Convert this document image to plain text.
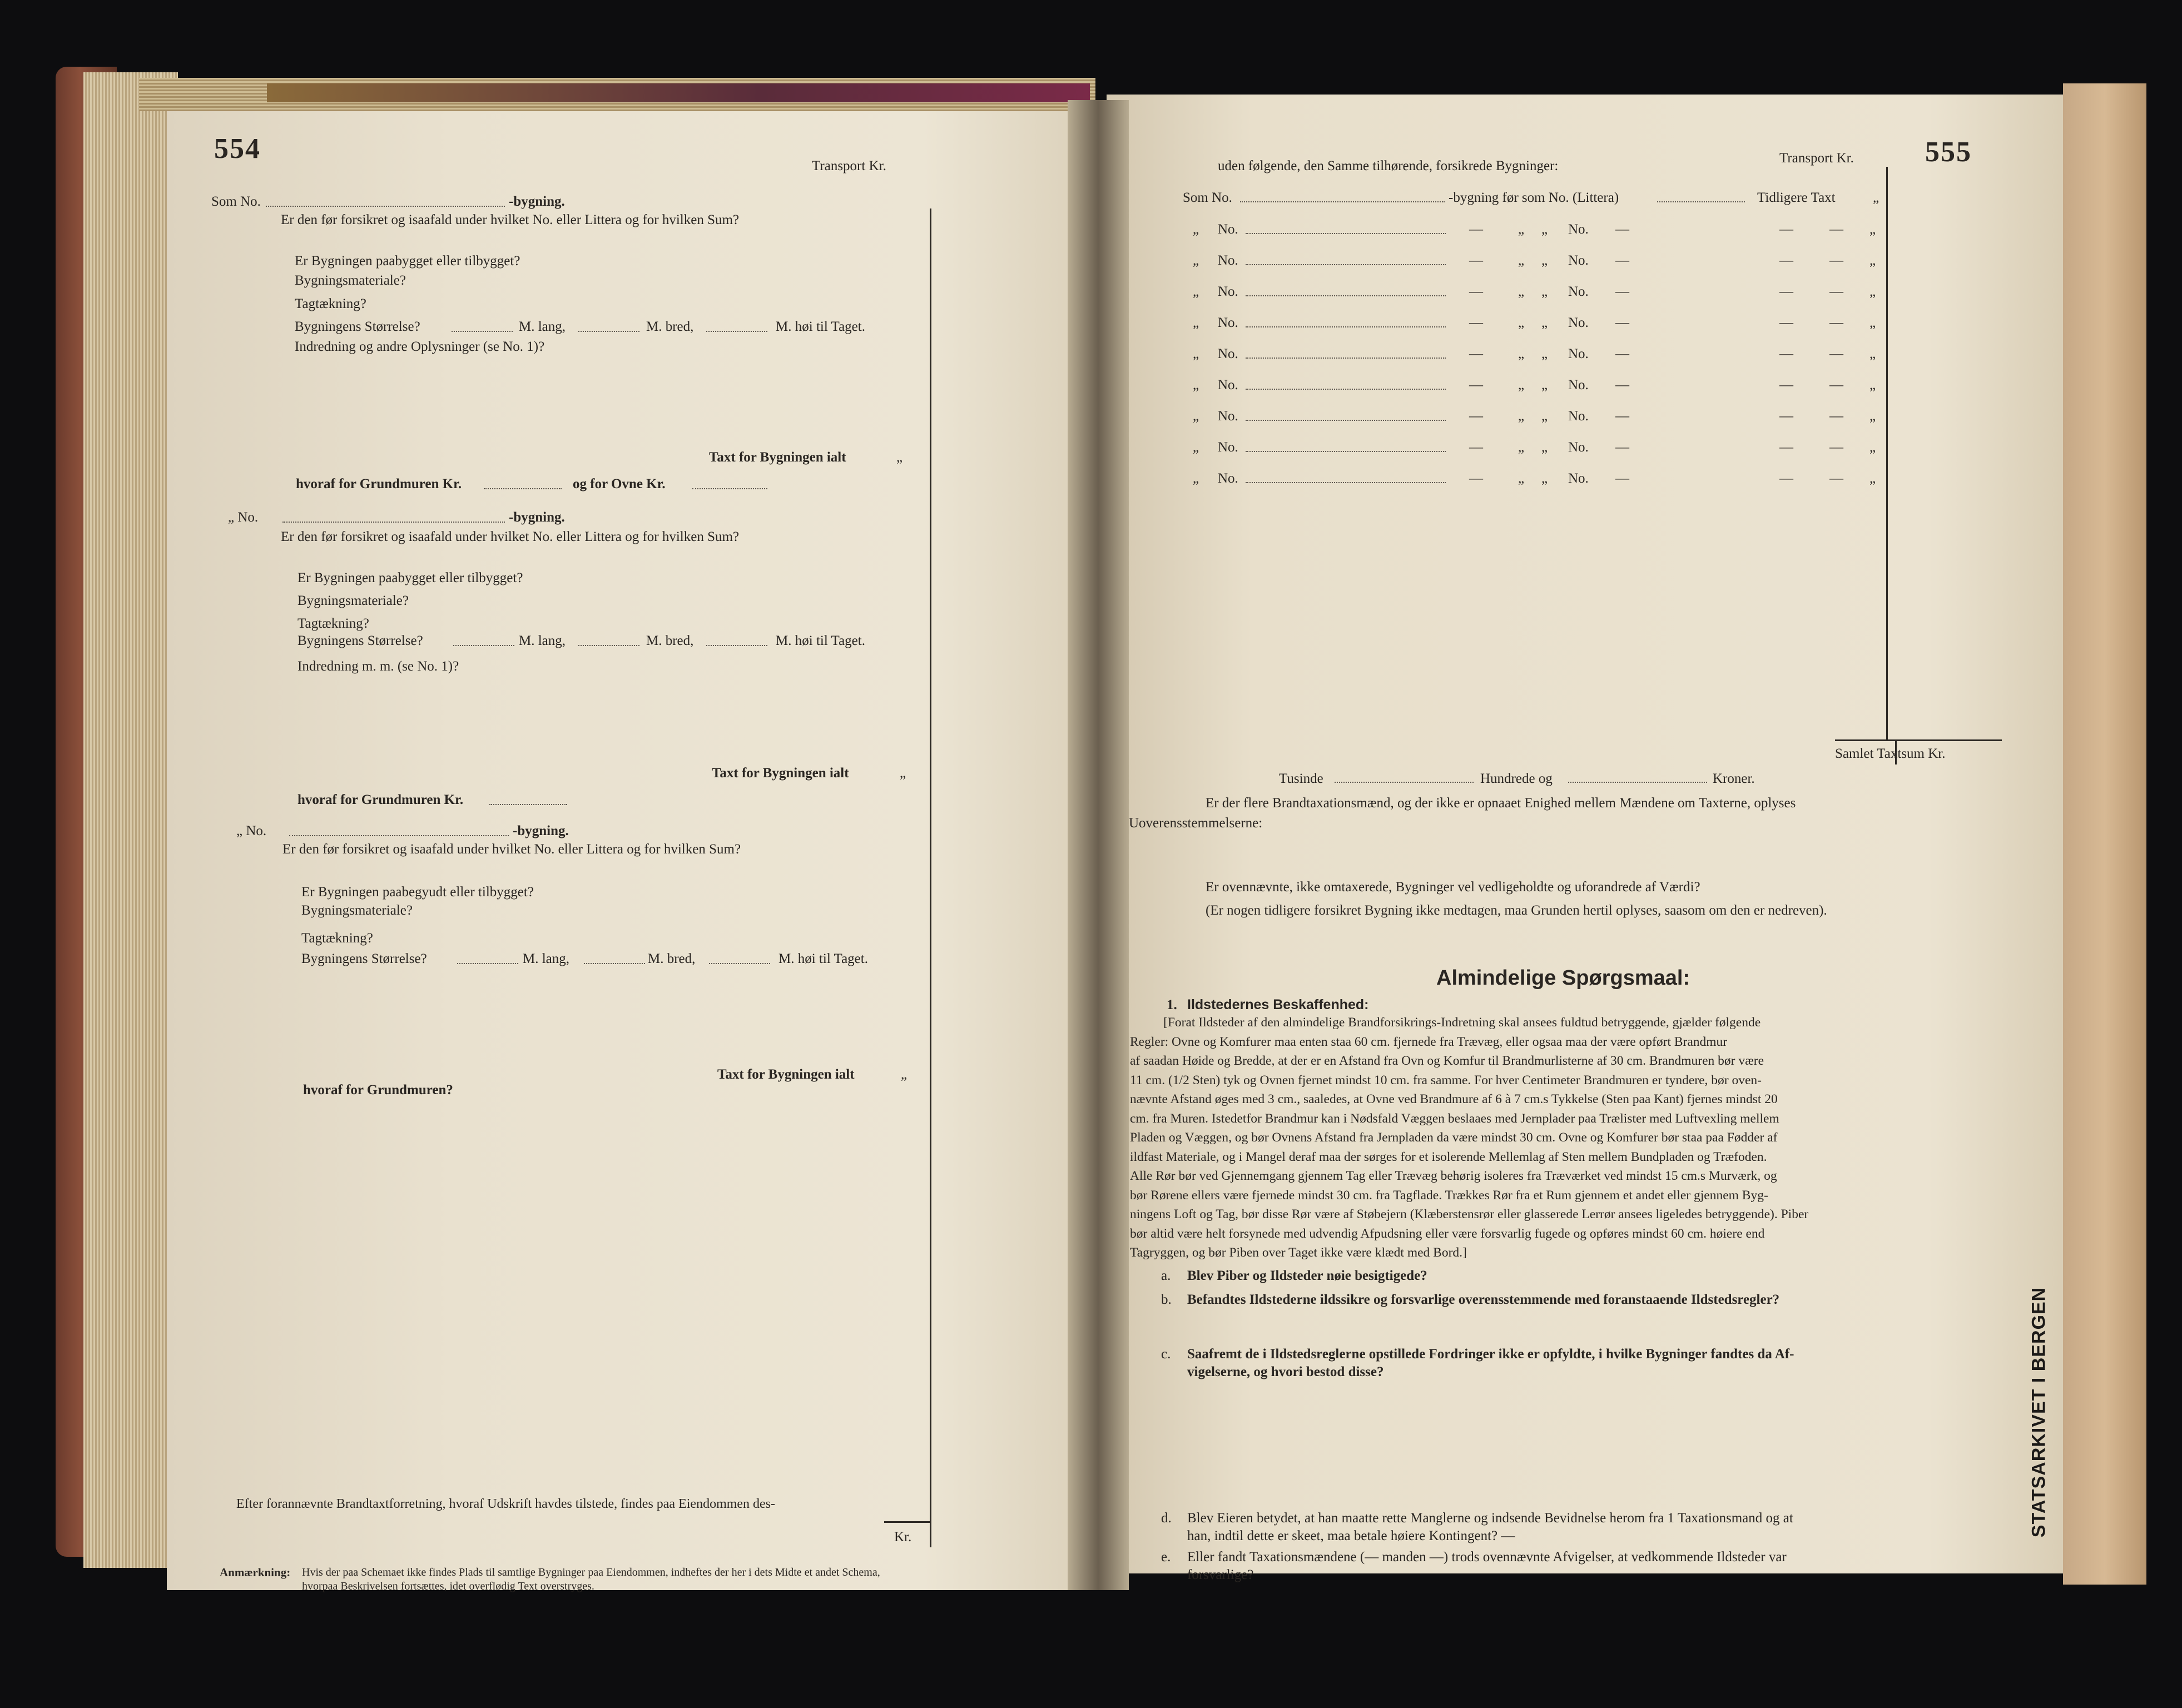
554
Transport Kr.
Som No.	-bygning.
Er den før forsikret og isaafald under hvilket No. eller Littera og for hvilken Sum?
Er Bygningen paabygget eller tilbygget?
Bygningsmateriale?
Tagtækning?
Bygningens Størrelse?	M. lang,	M. bred,	M. høi til Taget.
Indredning og andre Oplysninger (se No. 1)?
Taxt for Bygningen ialt	„
hvoraf for Grundmuren Kr.	og for Ovne Kr.
„ No.	-bygning.
Er den før forsikret og isaafald under hvilket No. eller Littera og for hvilken Sum?
Er Bygningen paabygget eller tilbygget?
Bygningsmateriale?
Tagtækning?
Bygningens Størrelse?	M. lang,	M. bred,	M. høi til Taget.
Indredning m. m. (se No. 1)?
Taxt for Bygningen ialt	„
hvoraf for Grundmuren Kr.
„ No.	-bygning.
Er den før forsikret og isaafald under hvilket No. eller Littera og for hvilken Sum?
Er Bygningen paabegyudt eller tilbygget?
Bygningsmateriale?
Tagtækning?
Bygningens Størrelse?	M. lang,	M. bred,	M. høi til Taget.
Taxt for Bygningen ialt	„
hvoraf for Grundmuren?
Efter forannævnte Brandtaxtforretning, hvoraf Udskrift havdes tilstede, findes paa Eiendommen des-
Kr.
Anmærkning: Hvis der paa Schemaet ikke findes Plads til samtlige Bygninger paa Eiendommen, indheftes der her i dets Midte et andet Schema,
hvorpaa Beskrivelsen fortsættes, idet overflødig Text overstryges.
uden følgende, den Samme tilhørende, forsikrede Bygninger:
Transport Kr. 555
Som No.	-bygning før som No. (Littera)	Tidligere Taxt	„
„ No.	—	„ „ No. —	—	— „
„ No.	—	„ „ No. —	—	— „
„ No.	—	„ „ No. —	—	— „
„ No.	—	„ „ No. —	—	— „
„ No.	—	„ „ No. —	—	— „
„ No.	—	„ „ No. —	—	— „
„ No.	—	„ „ No. —	—	— „
„ No.	—	„ „ No. —	—	— „
„ No.	—	„ „ No. —	—	— „
Samlet Taxtsum Kr.
Tusinde	Hundrede og	Kroner.
Er der flere Brandtaxationsmænd, og der ikke er opnaaet Enighed mellem Mændene om Taxterne, oplyses
Uoverensstemmelserne:
Er ovennævnte, ikke omtaxerede, Bygninger vel vedligeholdte og uforandrede af Værdi?
(Er nogen tidligere forsikret Bygning ikke medtagen, maa Grunden hertil oplyses, saasom om den er nedreven).
Almindelige Spørgsmaal:
1. Ildstedernes Beskaffenhed:
[Forat Ildsteder af den almindelige Brandforsikrings-Indretning skal ansees fuldtud betryggende, gjælder følgende
Regler: Ovne og Komfurer maa enten staa 60 cm. fjernede fra Trævæg, eller ogsaa maa der være opført Brandmur
af saadan Høide og Bredde, at der er en Afstand fra Ovn og Komfur til Brandmurlisterne af 30 cm. Brandmuren bør være
11 cm. (1/2 Sten) tyk og Ovnen fjernet mindst 10 cm. fra samme. For hver Centimeter Brandmuren er tyndere, bør oven-
nævnte Afstand øges med 3 cm., saaledes, at Ovne ved Brandmure af 6 à 7 cm.s Tykkelse (Sten paa Kant) fjernes mindst 20
cm. fra Muren. Istedetfor Brandmur kan i Nødsfald Væggen beslaaes med Jernplader paa Trælister med Luftvexling mellem
Pladen og Væggen, og bør Ovnens Afstand fra Jernpladen da være mindst 30 cm. Ovne og Komfurer bør staa paa Fødder af
ildfast Materiale, og i Mangel deraf maa der sørges for et isolerende Mellemlag af Sten mellem Bundpladen og Træfoden.
Alle Rør bør ved Gjennemgang gjennem Tag eller Trævæg behørig isoleres fra Træværket ved mindst 15 cm.s Murværk, og
bør Rørene ellers være fjernede mindst 30 cm. fra Tagflade. Trækkes Rør fra et Rum gjennem et andet eller gjennem Byg-
ningens Loft og Tag, bør disse Rør være af Støbejern (Klæberstensrør eller glasserede Lerrør ansees ligeledes betryggende). Piber
bør altid være helt forsynede med udvendig Afpudsning eller være forsvarlig fugede og opføres mindst 60 cm. høiere end
Tagryggen, og bør Piben over Taget ikke være klædt med Bord.]
a. Blev Piber og Ildsteder nøie besigtigede?
b. Befandtes Ildstederne ildssikre og forsvarlige overensstemmende med foranstaaende Ildstedsregler?
c. Saafremt de i Ildstedsreglerne opstillede Fordringer ikke er opfyldte, i hvilke Bygninger fandtes da Af-
vigelserne, og hvori bestod disse?
d. Blev Eieren betydet, at han maatte rette Manglerne og indsende Bevidnelse herom fra 1 Taxationsmand og at
han, indtil dette er skeet, maa betale høiere Kontingent? —
e. Eller fandt Taxationsmændene (— manden —) trods ovennævnte Afvigelser, at vedkommende Ildsteder var
forsvarlige?
STATSARKIVET I BERGEN
